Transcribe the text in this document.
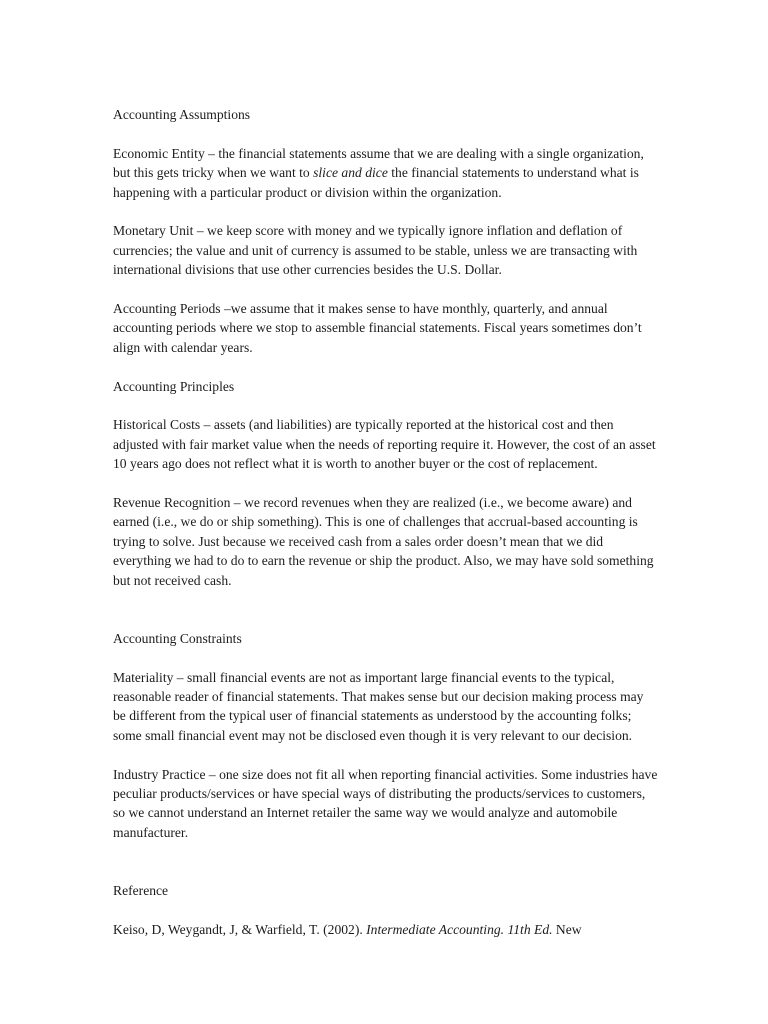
Accounting Assumptions

Economic Entity – the financial statements assume that we are dealing with a single organization, but this gets tricky when we want to slice and dice the financial statements to understand what is happening with a particular product or division within the organization.

Monetary Unit – we keep score with money and we typically ignore inflation and deflation of currencies; the value and unit of currency is assumed to be stable, unless we are transacting with international divisions that use other currencies besides the U.S. Dollar.

Accounting Periods –we assume that it makes sense to have monthly, quarterly, and annual accounting periods where we stop to assemble financial statements. Fiscal years sometimes don’t align with calendar years.

Accounting Principles

Historical Costs – assets (and liabilities) are typically reported at the historical cost and then adjusted with fair market value when the needs of reporting require it. However, the cost of an asset 10 years ago does not reflect what it is worth to another buyer or the cost of replacement.

Revenue Recognition – we record revenues when they are realized (i.e., we become aware) and earned (i.e., we do or ship something). This is one of challenges that accrual-based accounting is trying to solve. Just because we received cash from a sales order doesn’t mean that we did everything we had to do to earn the revenue or ship the product. Also, we may have sold something but not received cash.

Accounting Constraints

Materiality – small financial events are not as important large financial events to the typical, reasonable reader of financial statements. That makes sense but our decision making process may be different from the typical user of financial statements as understood by the accounting folks; some small financial event may not be disclosed even though it is very relevant to our decision.

Industry Practice – one size does not fit all when reporting financial activities. Some industries have peculiar products/services or have special ways of distributing the products/services to customers, so we cannot understand an Internet retailer the same way we would analyze and automobile manufacturer.

Reference

Keiso, D, Weygandt, J, & Warfield, T. (2002). Intermediate Accounting. 11th Ed. New
